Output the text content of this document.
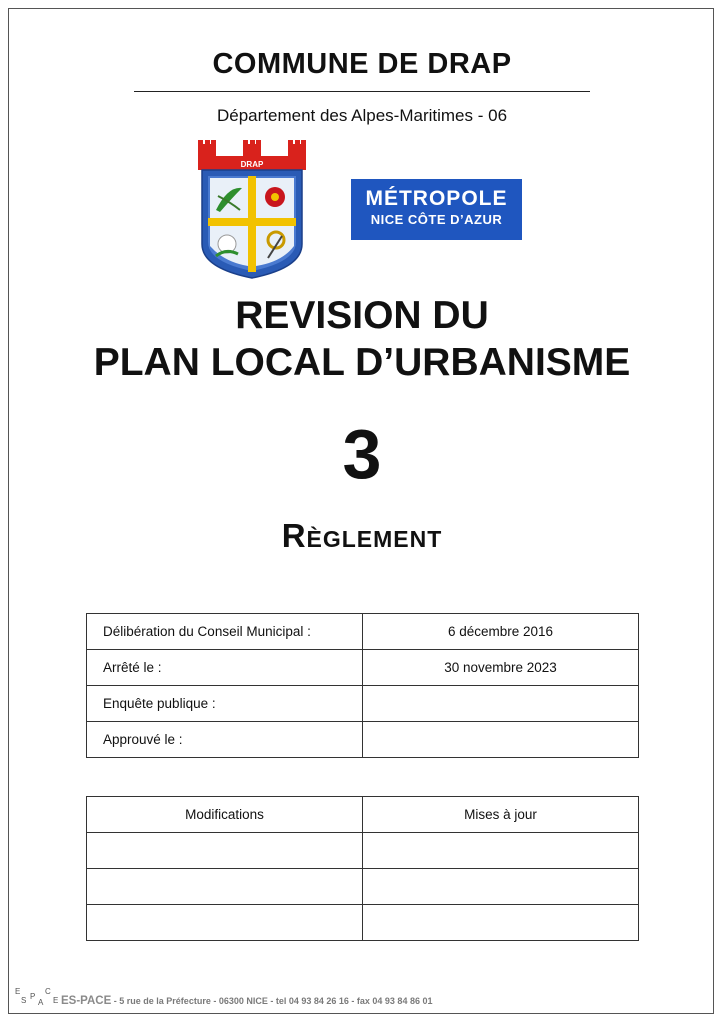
COMMUNE DE DRAP
Département des Alpes-Maritimes - 06
DRAP
MÉTROPOLE
NICE CÔTE D’AZUR
REVISION DU
PLAN LOCAL D’URBANISME
3
Règlement
Délibération du Conseil Municipal :	6 décembre 2016
Arrêté le :	30 novembre 2023
Enquête publique :	
Approuvé le :	
Modifications	Mises à jour

E
S P
A
C
E ES-PACE - 5 rue de la Préfecture - 06300 NICE - tel 04 93 84 26 16 - fax 04 93 84 86 01
